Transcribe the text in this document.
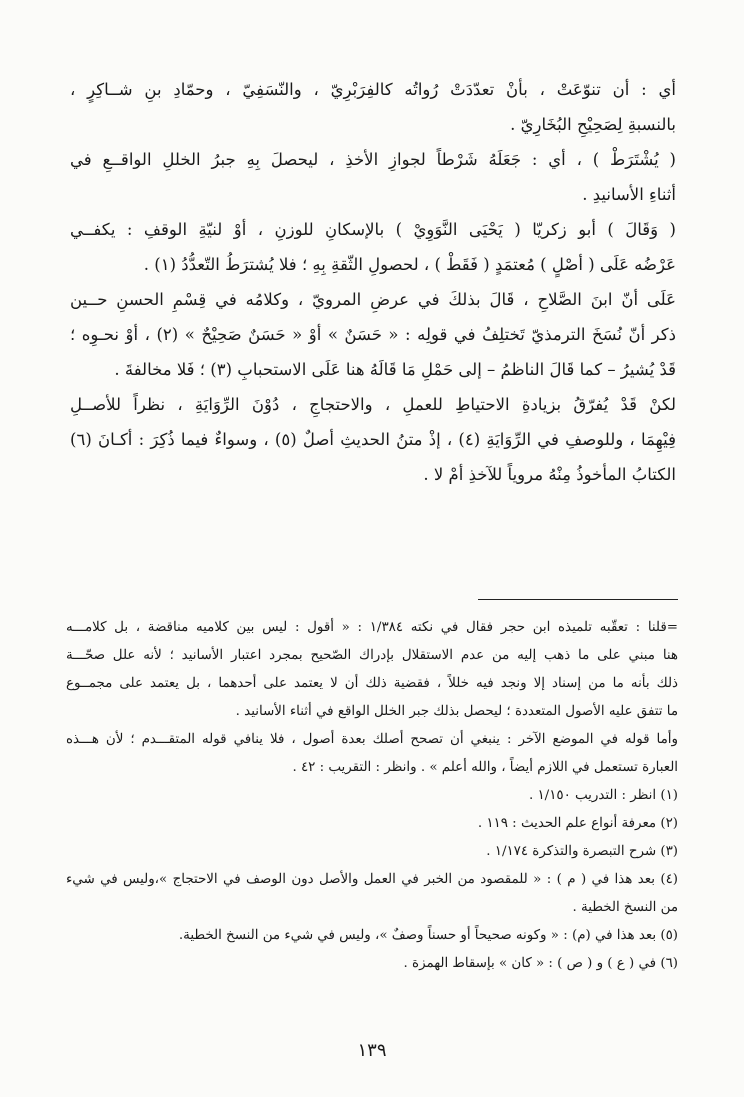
أي : أن تنوّعَتْ ، بأنْ تعدّدَتْ رُواتُه كالفِرَبْرِيّ ، والنّسَفِيّ ، وحمّادِ بنِ شــاكِرٍ ،
بالنسبةِ لِصَحِيْحِ البُخَارِيّ .
( يُشْتَرَطْ ) ، أي : جَعَلَهُ شَرْطاً لجوازِ الأخذِ ، ليحصلَ بِهِ جبرُ الخللِ الواقــعِ في
أثناءِ الأسانيدِ .
( وَقَالَ ) أبو زكريّا ( يَحْيَى النَّوَوِيْ ) بالإسكانِ للوزنِ ، أوْ لنيّةِ الوقفِ : يكفــي
عَرْضُه عَلَى ( أصْلٍ ) مُعتمَدٍ ( فَقَطْ ) ، لحصولِ الثّقةِ بِهِ ؛ فلا يُشترَطُ التّعدُّدُ (١) .
عَلَى أنّ ابنَ الصَّلاحِ ، قَالَ بذلكَ في عرضِ المرويّ ، وكلامُه في قِسْمِ الحسنِ حــين
ذكر أنّ نُسَخَ الترمذيّ تَختلِفُ في قولِه : « حَسَنٌ » أوْ « حَسَنٌ صَحِيْحٌ » (٢) ، أوْ نحـوِه ؛
قَدْ يُشيرُ – كما قَالَ الناظمُ – إلى حَمْلِ مَا قَالَهُ هنا عَلَى الاستحبابِ (٣) ؛ فَلا مخالفةَ .
لكنْ قَدْ يُفرّقُ بزيادةِ الاحتياطِ للعملِ ، والاحتجاجِ ، دُوْنَ الرِّوَايَةِ ، نظراً للأصــلِ
فِيْهِمَا ، وللوصفِ في الرِّوَايَةِ (٤) ، إذْ متنُ الحديثِ أصلٌ (٥) ، وسواءٌ فيما ذُكِرَ : أكـانَ (٦)
الكتابُ المأخوذُ مِنْهُ مروياً للآخذِ أمْ لا .
=قلنا : تعقّبه تلميذه ابن حجر فقال في نكته ١/٣٨٤ : « أقول : ليس بين كلاميه مناقضة ، بل كلامـــه
هنا مبني على ما ذهب إليه من عدم الاستقلال بإدراك الصّحيح بمجرد اعتبار الأسانيد ؛ لأنه علل صحّـــة
ذلك بأنه ما من إسناد إلا ونجد فيه خللاً ، فقضية ذلك أن لا يعتمد على أحدهما ، بل يعتمد على مجمــوع
ما تتفق عليه الأصول المتعددة ؛ ليحصل بذلك جبر الخلل الواقع في أثناء الأسانيد .
وأما قوله في الموضع الآخر : ينبغي أن تصحح أصلك بعدة أصول ، فلا ينافي قوله المتقـــدم ؛ لأن هـــذه
العبارة تستعمل في اللازم أيضاً ، والله أعلم » . وانظر : التقريب : ٤٢ .
(١) انظر : التدريب ١/١٥٠ .
(٢) معرفة أنواع علم الحديث : ١١٩ .
(٣) شرح التبصرة والتذكرة ١/١٧٤ .
(٤) بعد هذا في ( م ) : « للمقصود من الخبر في العمل والأصل دون الوصف في الاحتجاج »،وليس في شيء
من النسخ الخطية .
(٥) بعد هذا في (م) : « وكونه صحيحاً أو حسناً وصفٌ »، وليس في شيء من النسخ الخطية.
(٦) في ( ع ) و ( ص ) : « كان » بإسقاط الهمزة .
١٣٩
